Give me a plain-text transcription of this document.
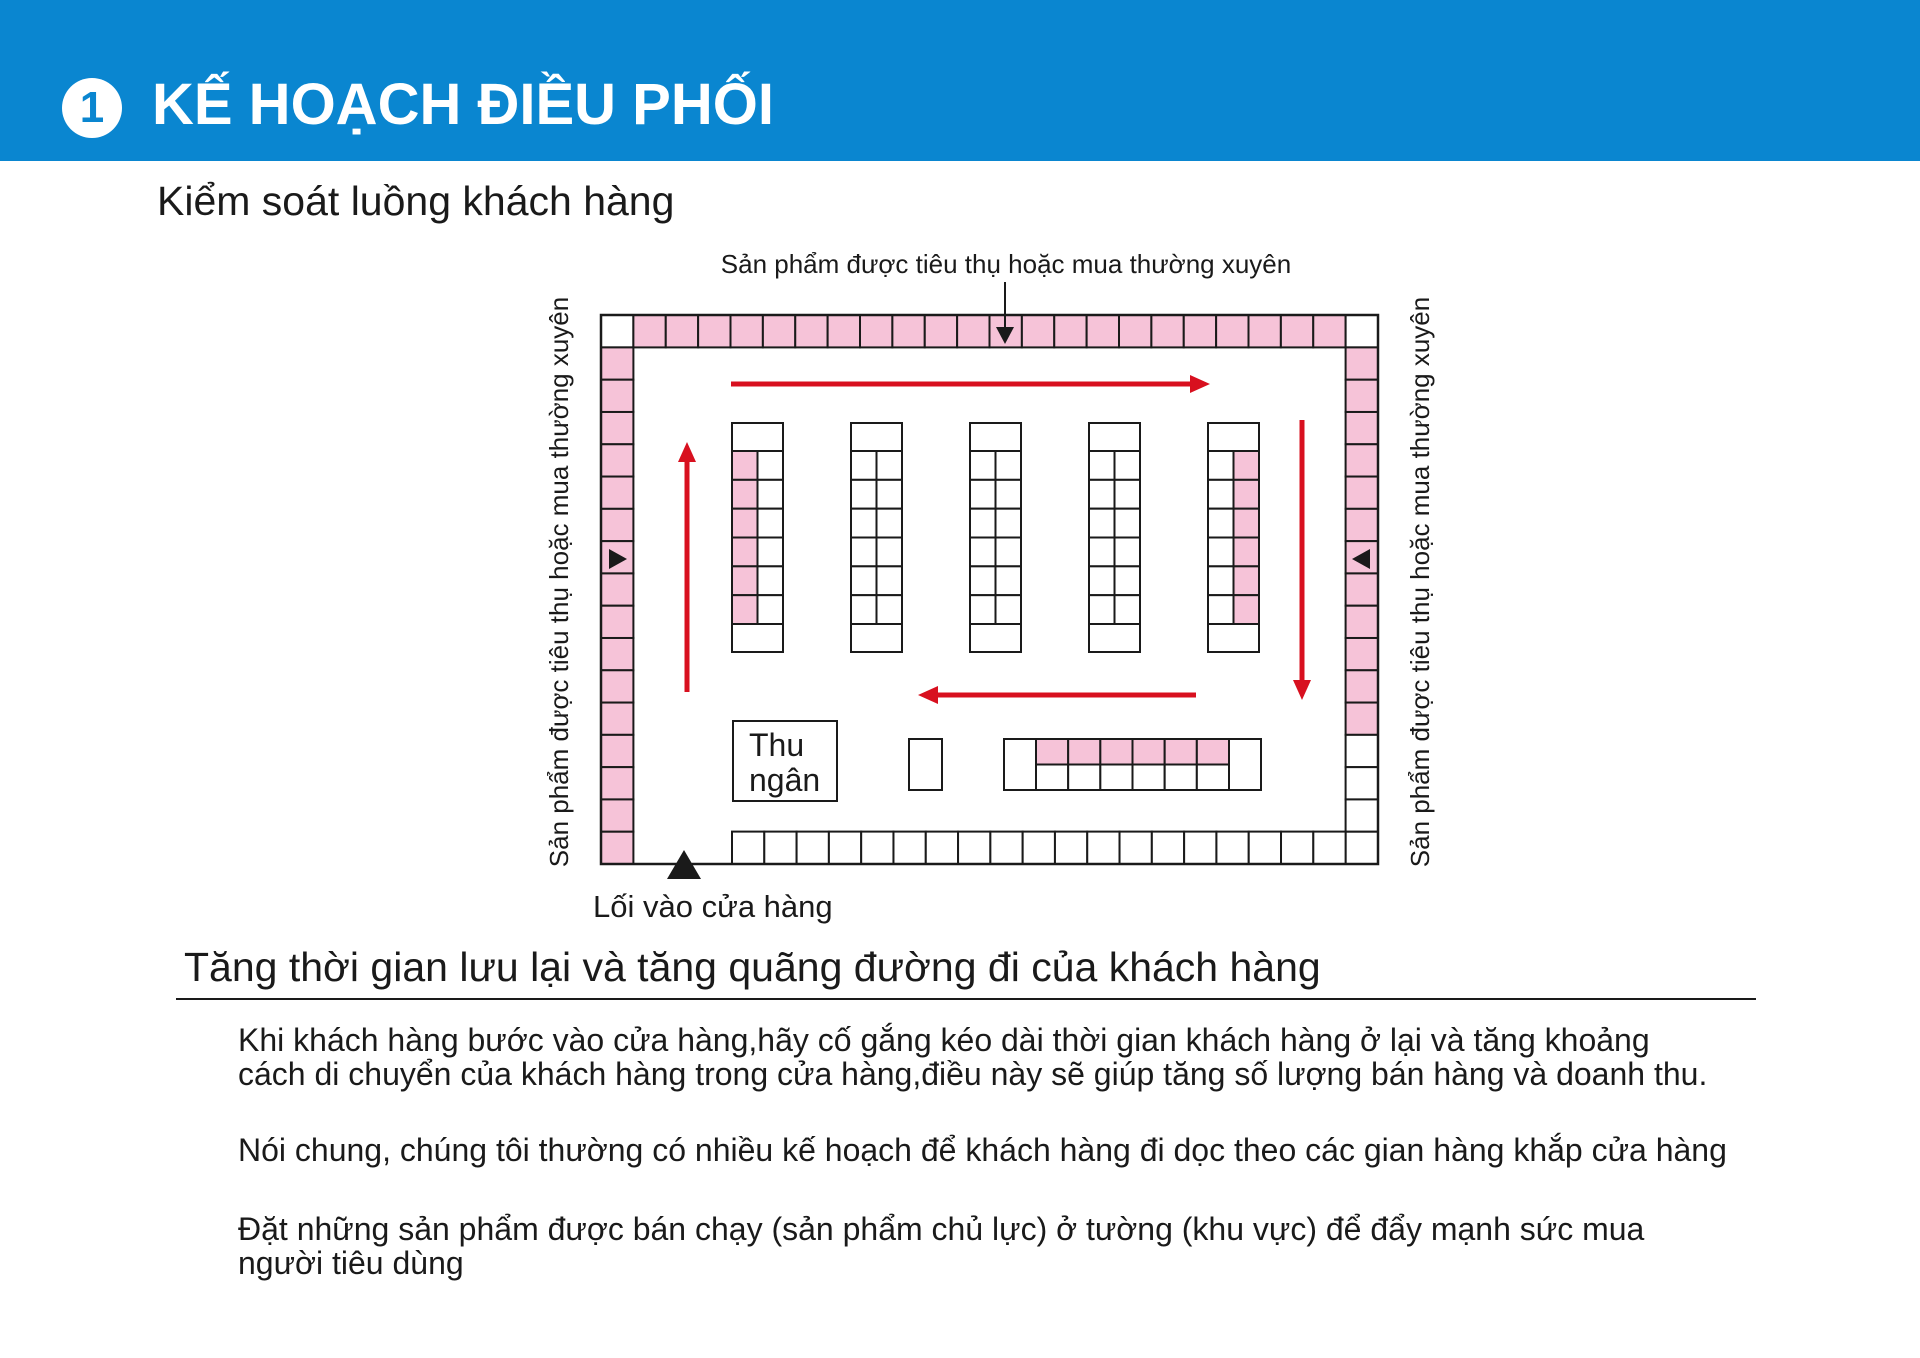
1 KẾ HOẠCH ĐIỀU PHỐI
Kiểm soát luồng khách hàng
Sản phẩm được tiêu thụ hoặc mua thường xuyên
Sản phẩm được tiêu thụ hoặc mua thường xuyên	Sản phẩm được tiêu thụ hoặc mua thường xuyên
Thu
ngân
Lối vào cửa hàng
Tăng thời gian lưu lại và tăng quãng đường đi của khách hàng
Khi khách hàng bước vào cửa hàng,hãy cố gắng kéo dài thời gian khách hàng ở lại và tăng khoảng
cách di chuyển của khách hàng trong cửa hàng,điều này sẽ giúp tăng số lượng bán hàng và doanh thu.
Nói chung, chúng tôi thường có nhiều kế hoạch để khách hàng đi dọc theo các gian hàng khắp cửa hàng
Đặt những sản phẩm được bán chạy (sản phẩm chủ lực) ở tường (khu vực) để đẩy mạnh sức mua
người tiêu dùng
